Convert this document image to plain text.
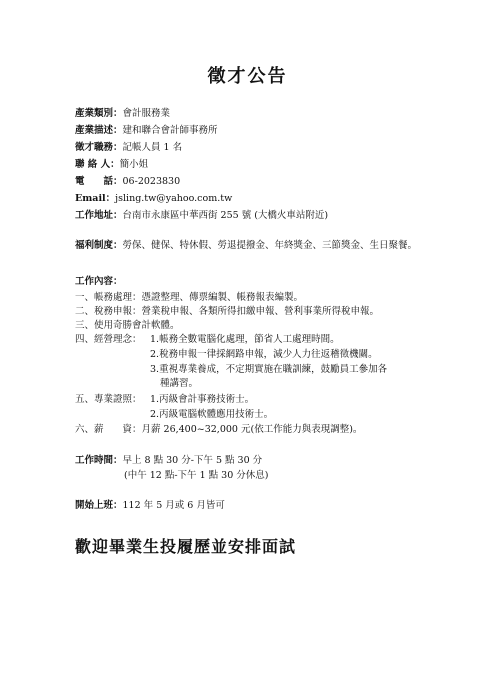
徵才公告
產業類別：會計服務業
產業描述：建和聯合會計師事務所
徵才職務：記帳人員 1 名
聯 絡 人：簡小姐
電　　話：06-2023830
Email：jsling.tw@yahoo.com.tw
工作地址：台南市永康區中華西街 255 號 (大橋火車站附近)
福利制度：勞保、健保、特休假、勞退提撥金、年終獎金、三節獎金、生日聚餐。
工作內容：
一、帳務處理：憑證整理、傳票編製、帳務報表編製。
二、稅務申報：營業稅申報、各類所得扣繳申報、營利事業所得稅申報。
三、使用奇勝會計軟體。
四、經營理念： 1.帳務全數電腦化處理，節省人工處理時間。
2.稅務申報一律採網路申報，減少人力往返稽徵機關。
3.重視專業養成，不定期實施在職訓練，鼓勵員工參加各
種講習。
五、專業證照： 1.丙級會計事務技術士。
2.丙級電腦軟體應用技術士。
六、薪　　資：月薪 26,400~32,000 元(依工作能力與表現調整)。
工作時間：早上 8 點 30 分-下午 5 點 30 分
(中午 12 點-下午 1 點 30 分休息)
開始上班：112 年 5 月或 6 月皆可
歡迎畢業生投履歷並安排面試
